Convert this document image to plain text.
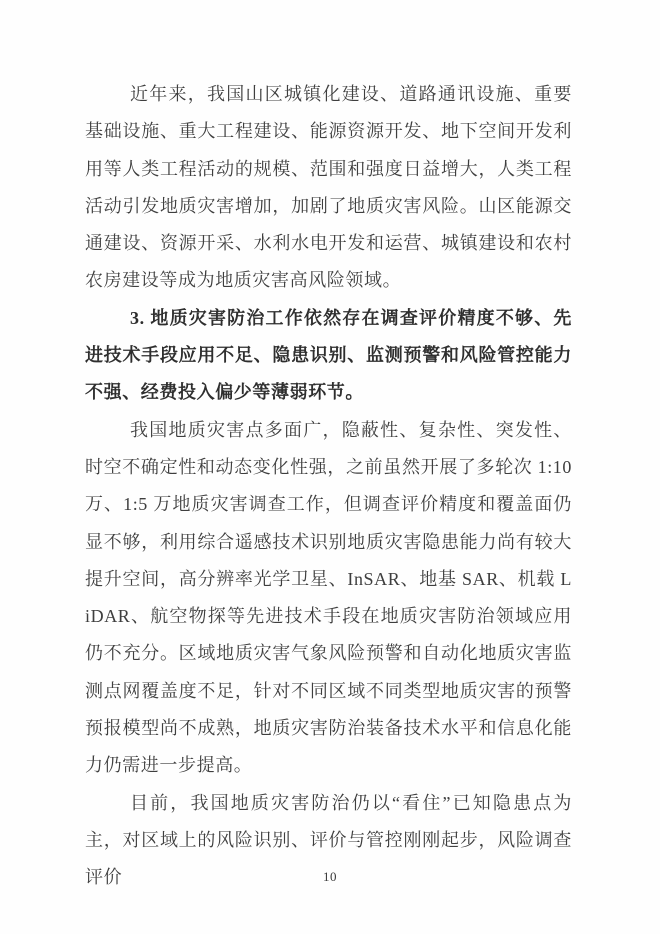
近年来，我国山区城镇化建设、道路通讯设施、重要基础设施、重大工程建设、能源资源开发、地下空间开发利用等人类工程活动的规模、范围和强度日益增大，人类工程活动引发地质灾害增加，加剧了地质灾害风险。山区能源交通建设、资源开采、水利水电开发和运营、城镇建设和农村农房建设等成为地质灾害高风险领域。

3. 地质灾害防治工作依然存在调查评价精度不够、先进技术手段应用不足、隐患识别、监测预警和风险管控能力不强、经费投入偏少等薄弱环节。

我国地质灾害点多面广，隐蔽性、复杂性、突发性、时空不确定性和动态变化性强，之前虽然开展了多轮次 1:10 万、1:5 万地质灾害调查工作，但调查评价精度和覆盖面仍显不够，利用综合遥感技术识别地质灾害隐患能力尚有较大提升空间，高分辨率光学卫星、InSAR、地基 SAR、机载 LiDAR、航空物探等先进技术手段在地质灾害防治领域应用仍不充分。区域地质灾害气象风险预警和自动化地质灾害监测点网覆盖度不足，针对不同区域不同类型地质灾害的预警预报模型尚不成熟，地质灾害防治装备技术水平和信息化能力仍需进一步提高。

目前，我国地质灾害防治仍以“看住”已知隐患点为主，对区域上的风险识别、评价与管控刚刚起步，风险调查评价	10
